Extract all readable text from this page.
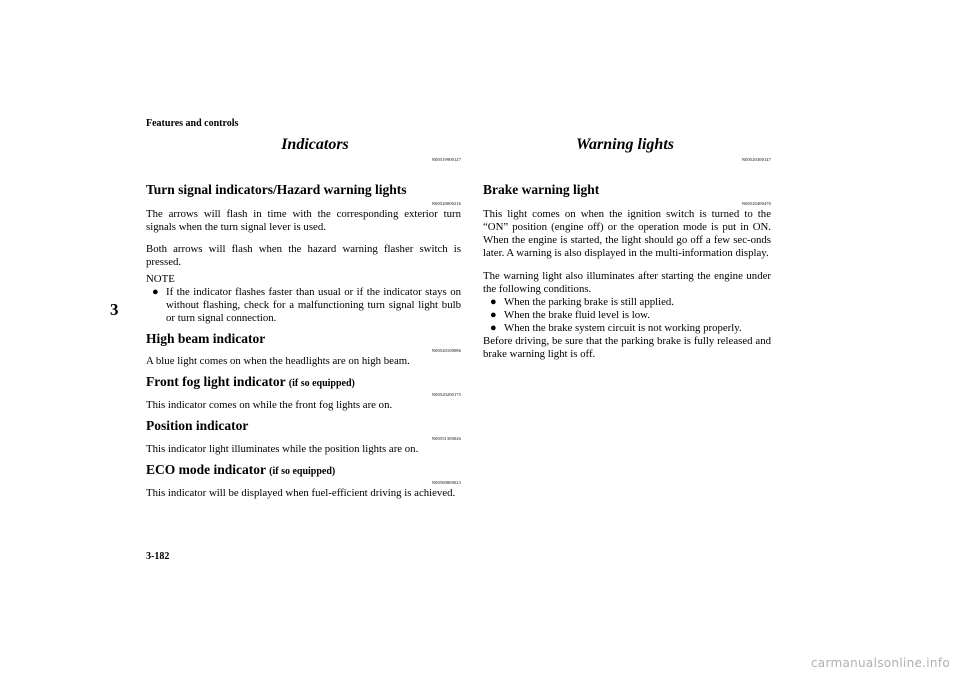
Features and controls
3
Indicators
N00519900127
Turn signal indicators/Hazard warning lights
N00520000216
The arrows will flash in time with the corresponding exterior turn signals when the turn signal lever is used.
Both arrows will flash when the hazard warning flasher switch is pressed.
NOTE
● If the indicator flashes faster than usual or if the indicator stays on without flashing, check for a malfunctioning turn signal light bulb or turn signal connection.
High beam indicator
N00520100086
A blue light comes on when the headlights are on high beam.
Front fog light indicator (if so equipped)
N00520200175
This indicator comes on while the front fog lights are on.
Position indicator
N00551300026
This indicator light illuminates while the position lights are on.
ECO mode indicator (if so equipped)
N00560800023
This indicator will be displayed when fuel-efficient driving is achieved.
Warning lights
N00520300147
Brake warning light
N00520400470
This light comes on when the ignition switch is turned to the “ON” position (engine off) or the operation mode is put in ON. When the engine is started, the light should go off a few sec-onds later. A warning is also displayed in the multi-information display.
The warning light also illuminates after starting the engine under the following conditions.
● When the parking brake is still applied.
● When the brake fluid level is low.
● When the brake system circuit is not working properly.
Before driving, be sure that the parking brake is fully released and brake warning light is off.
3-182
carmanualsonline.info
